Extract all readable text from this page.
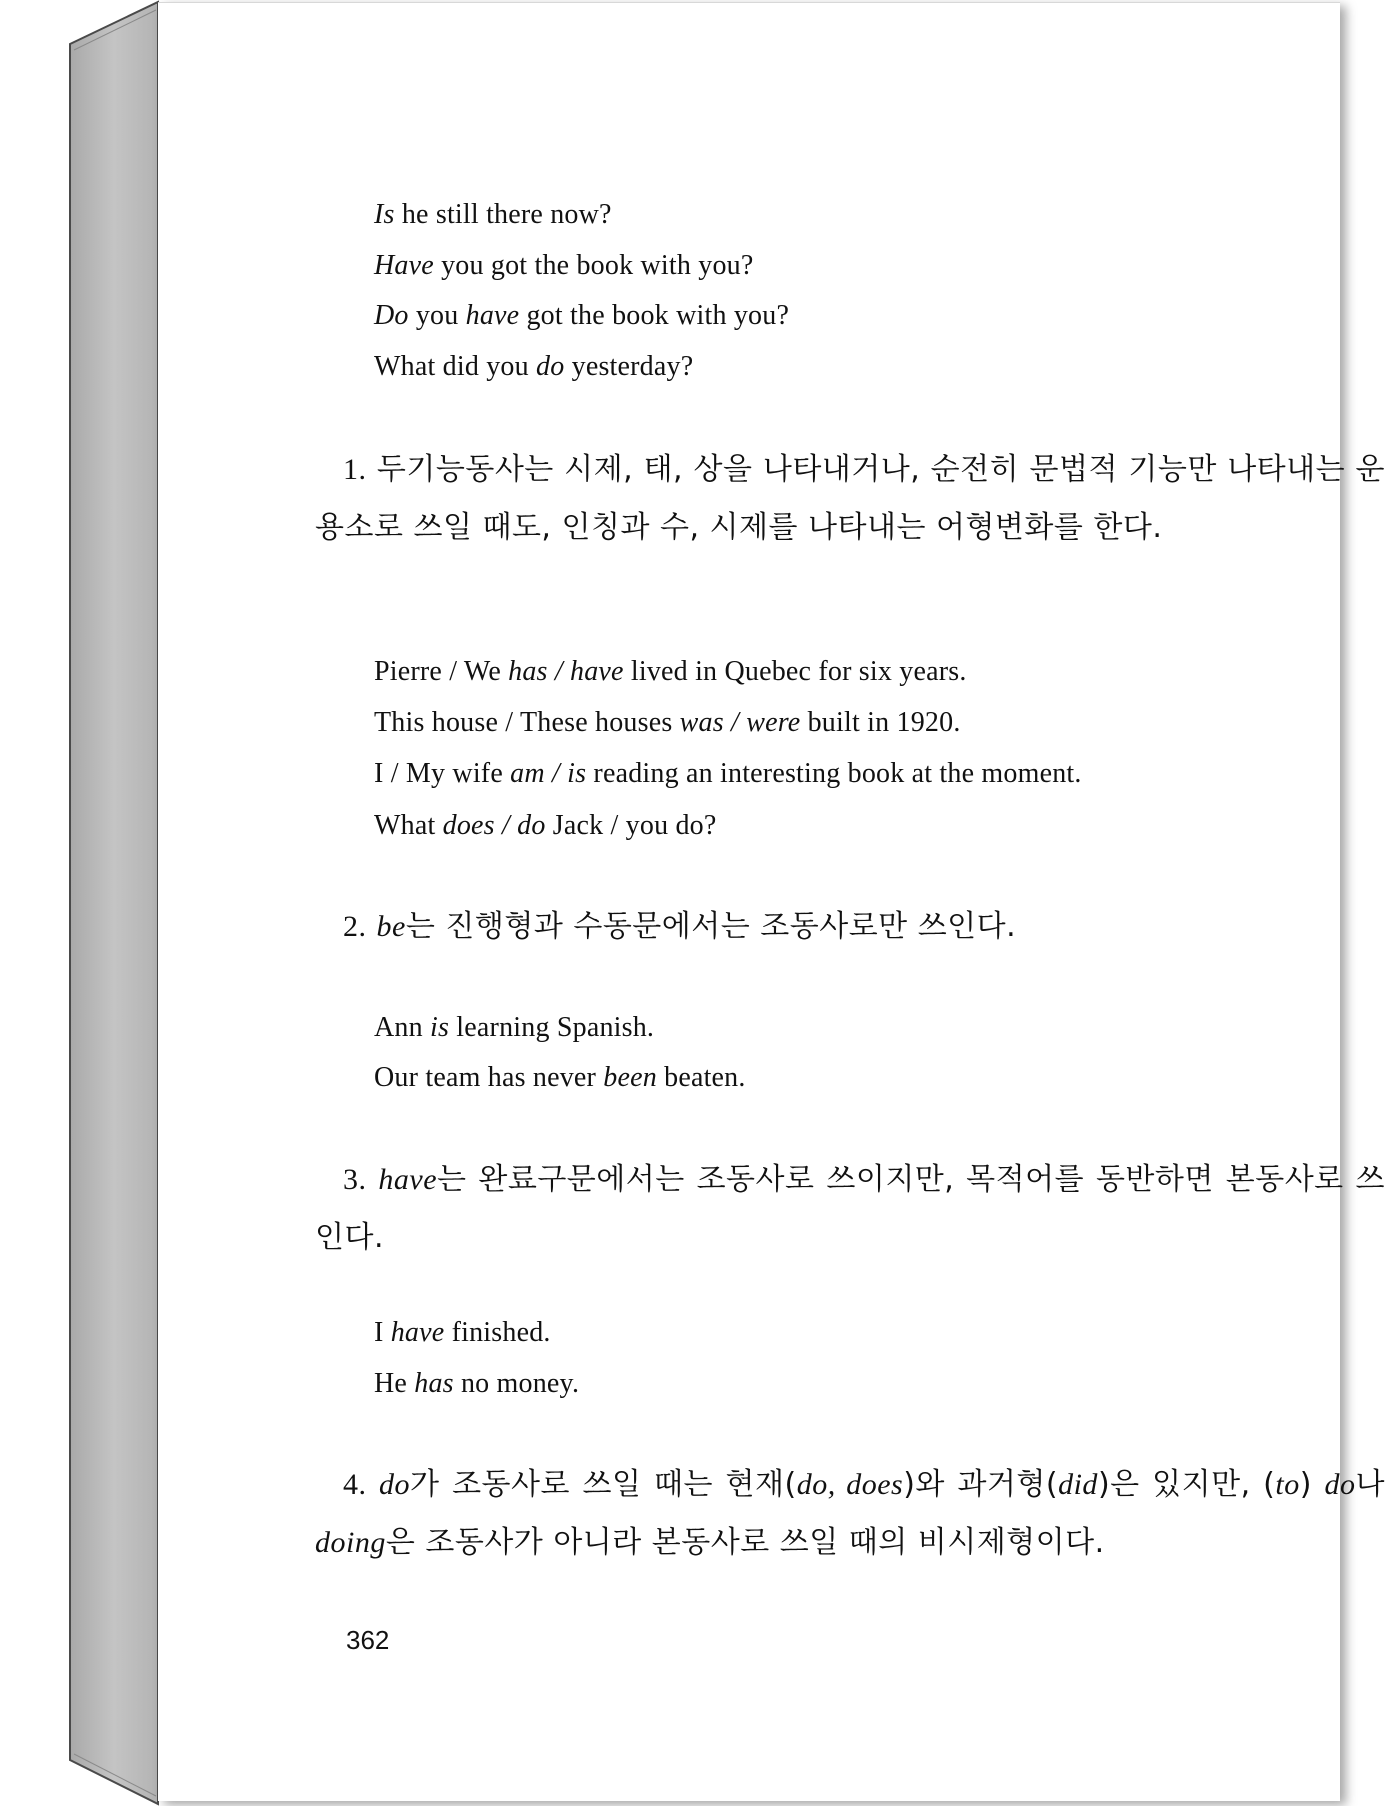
Is he still there now?
Have you got the book with you?
Do you have got the book with you?
What did you do yesterday?
1. 두기능동사는 시제, 태, 상을 나타내거나, 순전히 문법적 기능만 나타내는 운용소로 쓰일 때도, 인칭과 수, 시제를 나타내는 어형변화를 한다.
Pierre / We has / have lived in Quebec for six years.
This house / These houses was / were built in 1920.
I / My wife am / is reading an interesting book at the moment.
What does / do Jack / you do?
2. be는 진행형과 수동문에서는 조동사로만 쓰인다.
Ann is learning Spanish.
Our team has never been beaten.
3. have는 완료구문에서는 조동사로 쓰이지만, 목적어를 동반하면 본동사로 쓰인다.
I have finished.
He has no money.
4. do가 조동사로 쓰일 때는 현재(do, does)와 과거형(did)은 있지만, (to) do나 doing은 조동사가 아니라 본동사로 쓰일 때의 비시제형이다.
362
